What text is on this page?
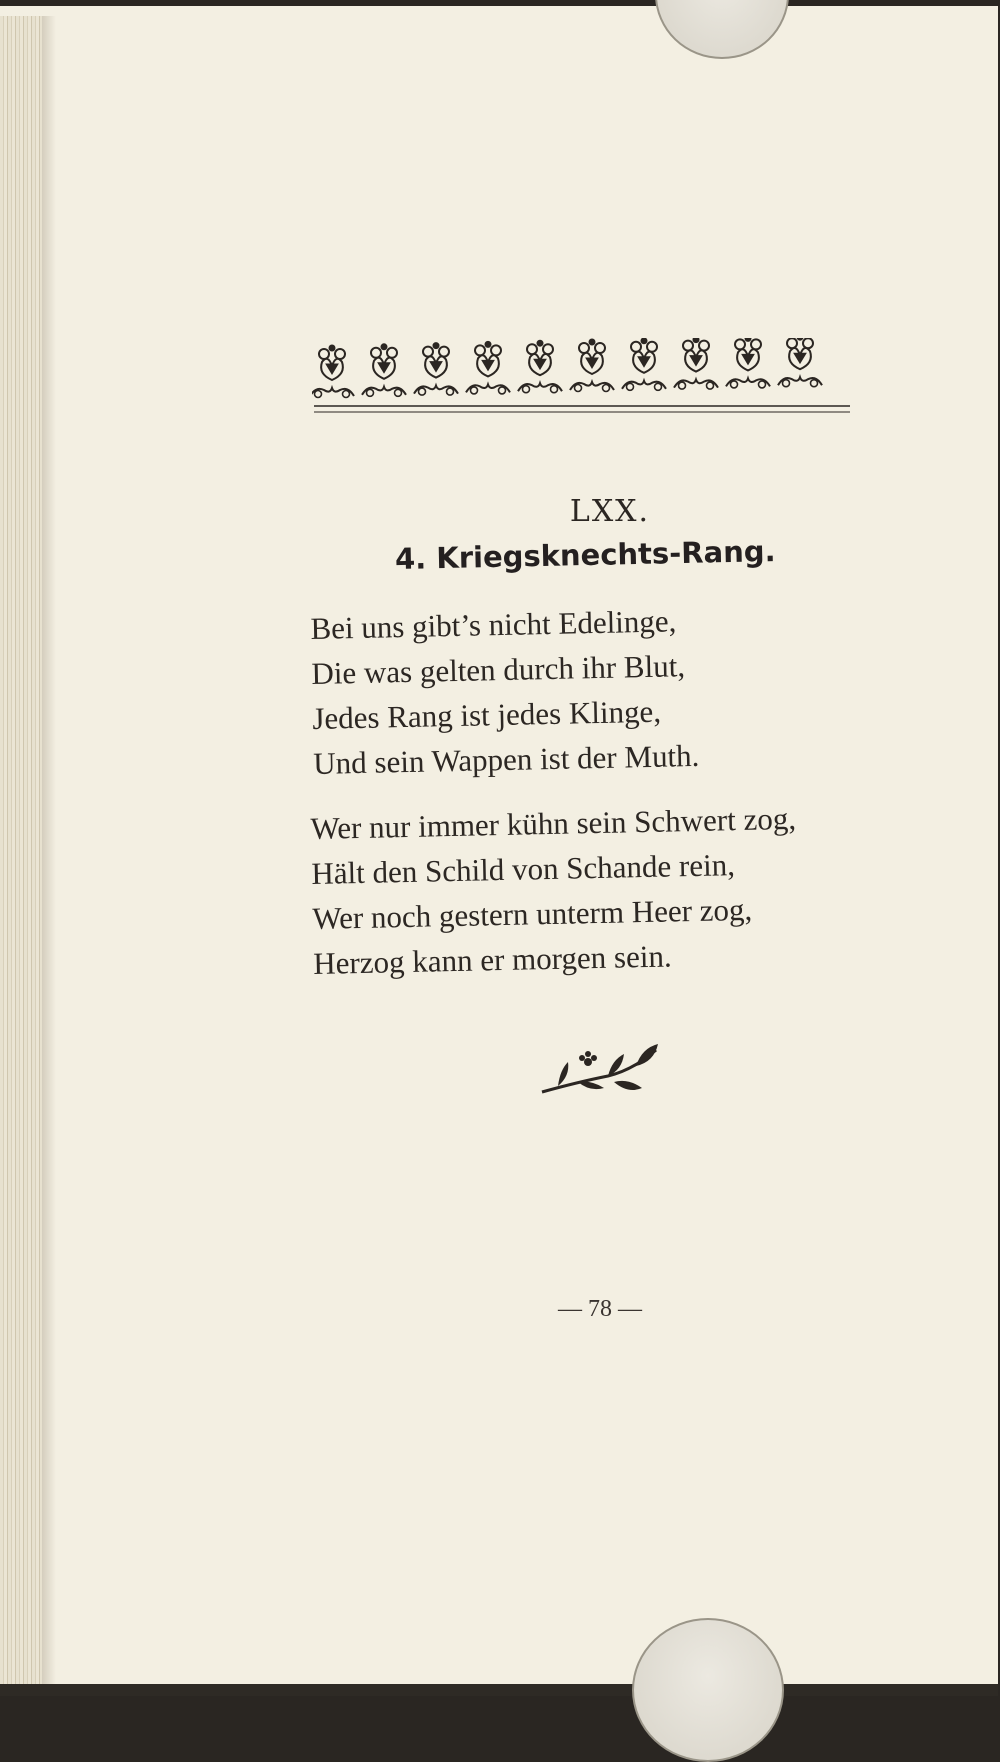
LXX.
4. Kriegsknechts-Rang.
Bei uns gibt’s nicht Edelinge,
Die was gelten durch ihr Blut,
Jedes Rang ist jedes Klinge,
Und sein Wappen ist der Muth.
Wer nur immer kühn sein Schwert zog,
Hält den Schild von Schande rein,
Wer noch gestern unterm Heer zog,
Herzog kann er morgen sein.
— 78 —
